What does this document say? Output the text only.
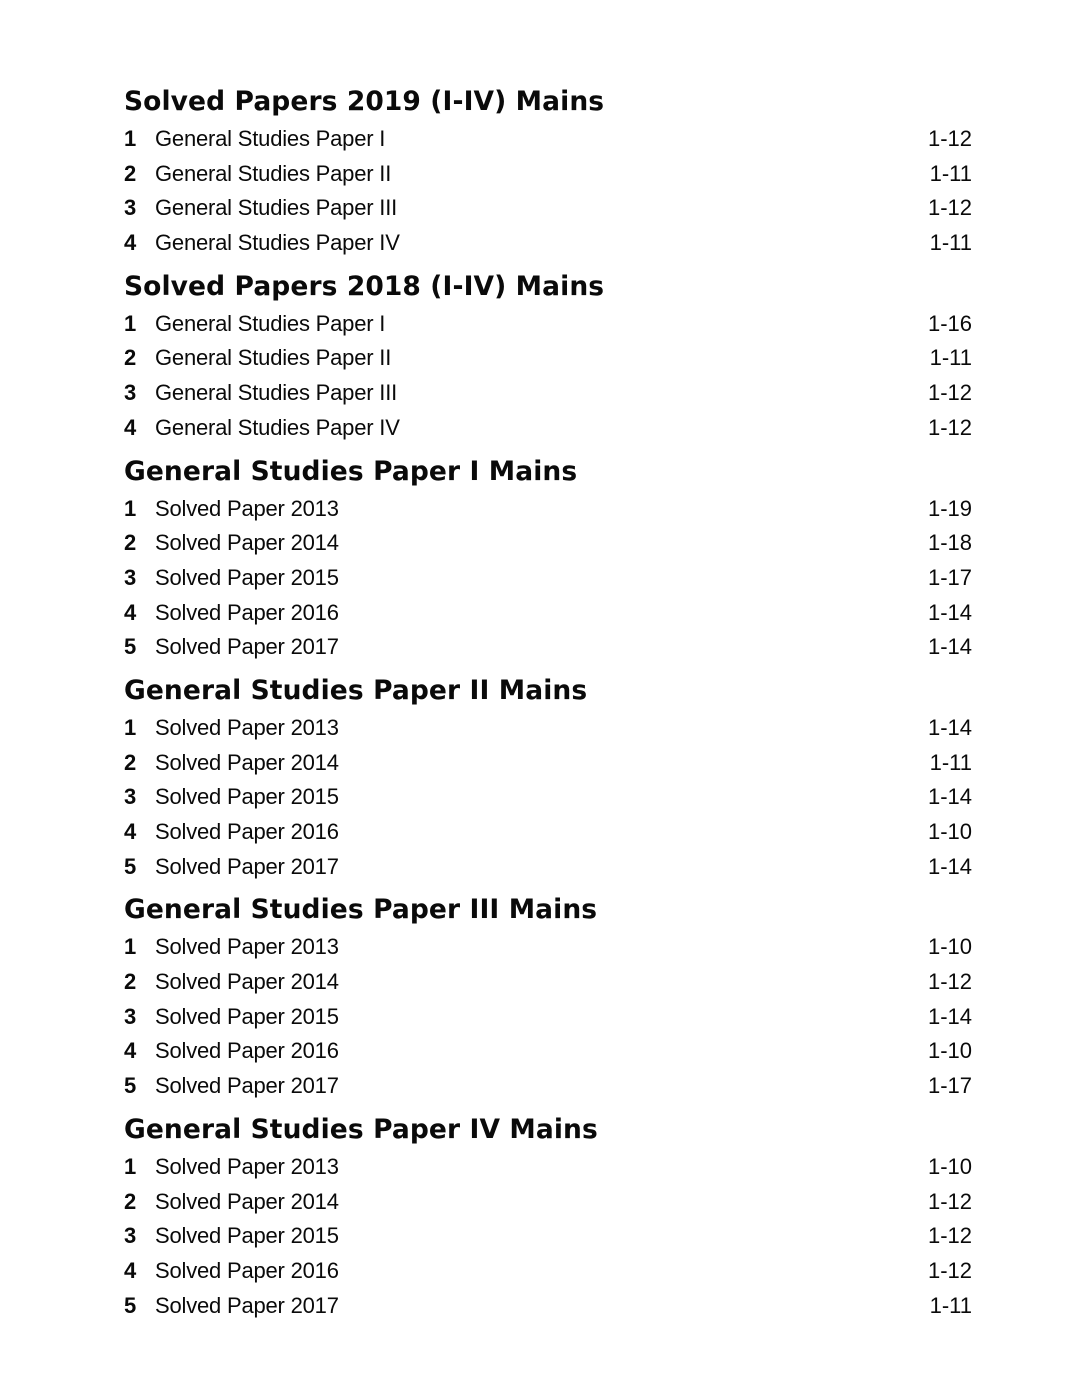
Solved Papers 2019 (I-IV) Mains
1 General Studies Paper I	1-12
2 General Studies Paper II	1-11
3 General Studies Paper III	1-12
4 General Studies Paper IV	1-11
Solved Papers 2018 (I-IV) Mains
1 General Studies Paper I	1-16
2 General Studies Paper II	1-11
3 General Studies Paper III	1-12
4 General Studies Paper IV	1-12
General Studies Paper I Mains
1 Solved Paper 2013	1-19
2 Solved Paper 2014	1-18
3 Solved Paper 2015	1-17
4 Solved Paper 2016	1-14
5 Solved Paper 2017	1-14
General Studies Paper II Mains
1 Solved Paper 2013	1-14
2 Solved Paper 2014	1-11
3 Solved Paper 2015	1-14
4 Solved Paper 2016	1-10
5 Solved Paper 2017	1-14
General Studies Paper III Mains
1 Solved Paper 2013	1-10
2 Solved Paper 2014	1-12
3 Solved Paper 2015	1-14
4 Solved Paper 2016	1-10
5 Solved Paper 2017	1-17
General Studies Paper IV Mains
1 Solved Paper 2013	1-10
2 Solved Paper 2014	1-12
3 Solved Paper 2015	1-12
4 Solved Paper 2016	1-12
5 Solved Paper 2017	1-11
